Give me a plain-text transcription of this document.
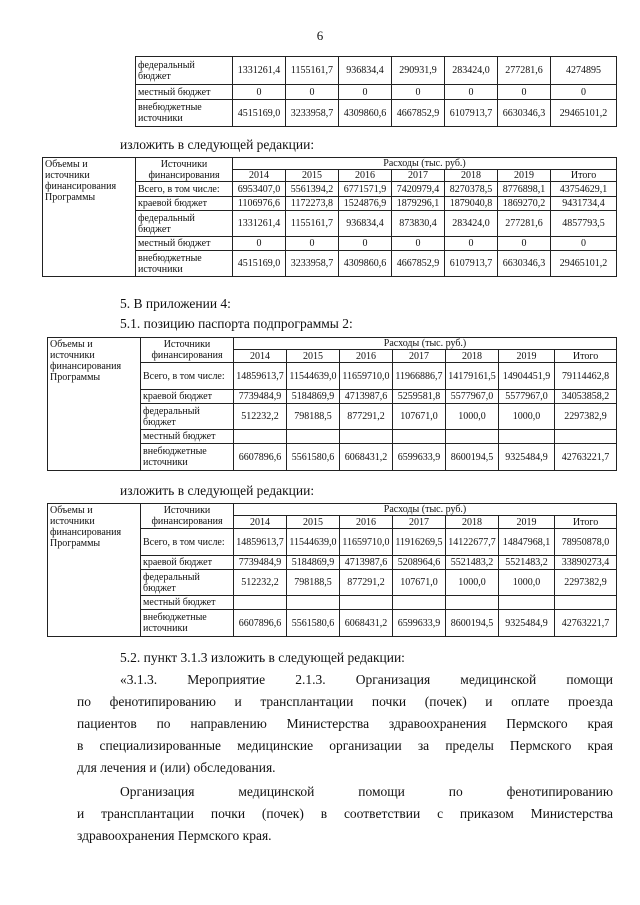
6
федеральный бюджет	1331261,4	1155161,7	936834,4	290931,9	283424,0	277281,6	4274895
местный бюджет	0	0	0	0	0	0	0
внебюджетные источники	4515169,0	3233958,7	4309860,6	4667852,9	6107913,7	6630346,3	29465101,2
изложить в следующей редакции:
Объемы и источники финансирования Программы	Источники финансирования	Расходы (тыс. руб.)						
		2014	2015	2016	2017	2018	2019	Итого
	Всего, в том числе:	6953407,0	5561394,2	6771571,9	7420979,4	8270378,5	8776898,1	43754629,1
	краевой бюджет	1106976,6	1172273,8	1524876,9	1879296,1	1879040,8	1869270,2	9431734,4
	федеральный бюджет	1331261,4	1155161,7	936834,4	873830,4	283424,0	277281,6	4857793,5
	местный бюджет	0	0	0	0	0	0	0
	внебюджетные источники	4515169,0	3233958,7	4309860,6	4667852,9	6107913,7	6630346,3	29465101,2
5. В приложении 4:
5.1. позицию паспорта подпрограммы 2:
Объемы и источники финансирования Программы	Источники финансирования	Расходы (тыс. руб.)						
		2014	2015	2016	2017	2018	2019	Итого
	Всего, в том числе:	14859613,7	11544639,0	11659710,0	11966886,7	14179161,5	14904451,9	79114462,8
	краевой бюджет	7739484,9	5184869,9	4713987,6	5259581,8	5577967,0	5577967,0	34053858,2
	федеральный бюджет	512232,2	798188,5	877291,2	107671,0	1000,0	1000,0	2297382,9
	местный бюджет							
	внебюджетные источники	6607896,6	5561580,6	6068431,2	6599633,9	8600194,5	9325484,9	42763221,7
изложить в следующей редакции:
Объемы и источники финансирования Программы	Источники финансирования	Расходы (тыс. руб.)						
		2014	2015	2016	2017	2018	2019	Итого
	Всего, в том числе:	14859613,7	11544639,0	11659710,0	11916269,5	14122677,7	14847968,1	78950878,0
	краевой бюджет	7739484,9	5184869,9	4713987,6	5208964,6	5521483,2	5521483,2	33890273,4
	федеральный бюджет	512232,2	798188,5	877291,2	107671,0	1000,0	1000,0	2297382,9
	местный бюджет							
	внебюджетные источники	6607896,6	5561580,6	6068431,2	6599633,9	8600194,5	9325484,9	42763221,7
5.2. пункт 3.1.3 изложить в следующей редакции:
«3.1.3. Мероприятие 2.1.3. Организация медицинской помощи
по фенотипированию и трансплантации почки (почек) и оплате проезда
пациентов по направлению Министерства здравоохранения Пермского края
в специализированные медицинские организации за пределы Пермского края
для лечения и (или) обследования.
Организация медицинской помощи по фенотипированию
и трансплантации почки (почек) в соответствии с приказом Министерства
здравоохранения Пермского края.
